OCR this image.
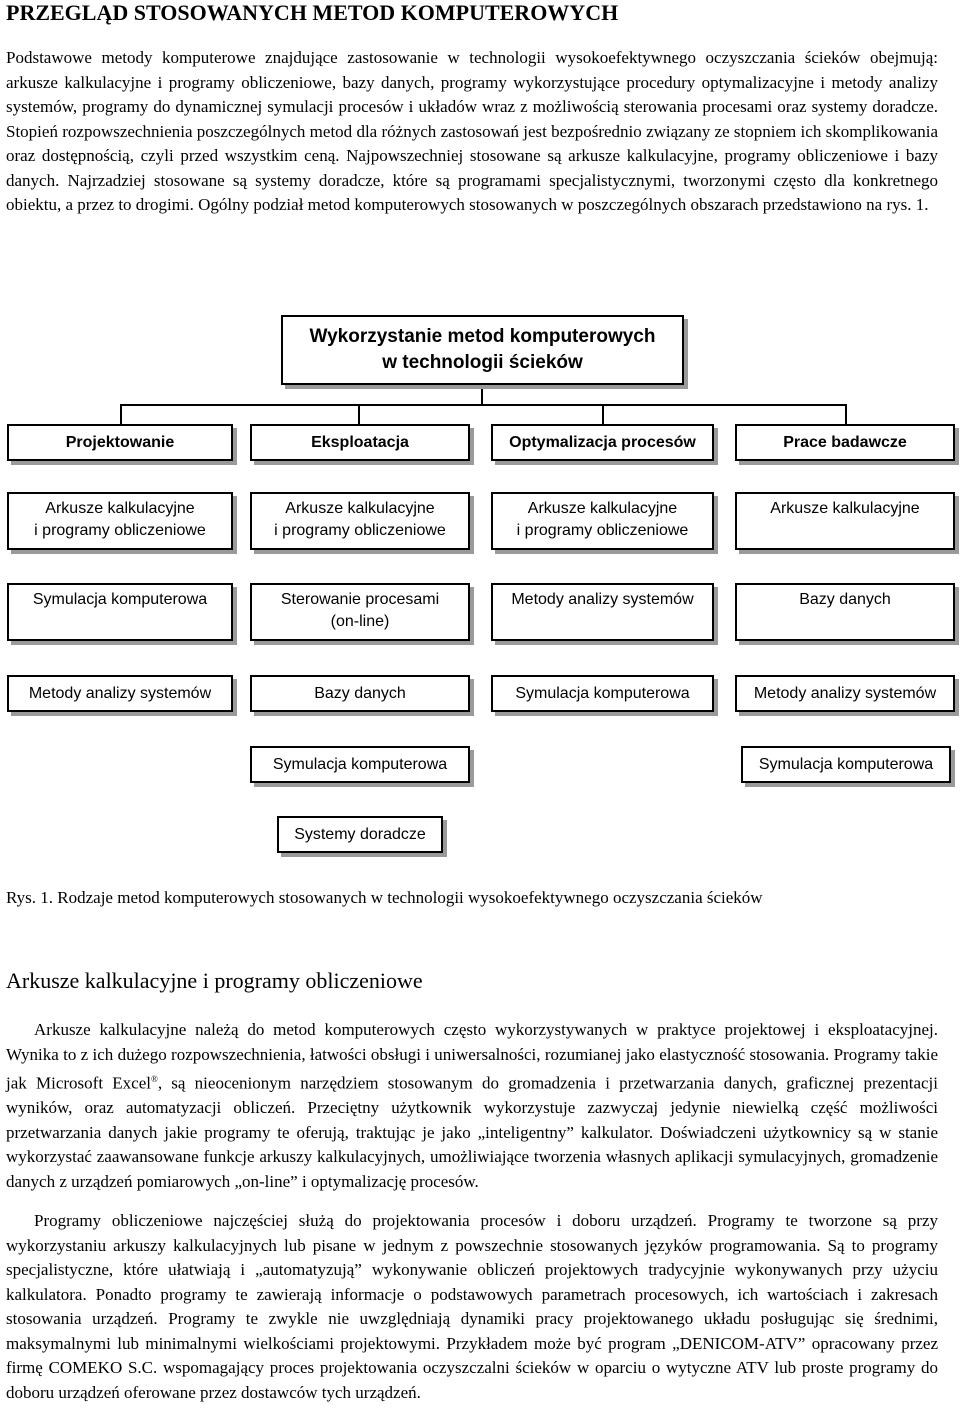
PRZEGLĄD STOSOWANYCH METOD KOMPUTEROWYCH

Podstawowe metody komputerowe znajdujące zastosowanie w technologii wysokoefektywnego oczyszczania ścieków obejmują: arkusze kalkulacyjne i programy obliczeniowe, bazy danych, programy wykorzystujące procedury optymalizacyjne i metody analizy systemów, programy do dynamicznej symulacji procesów i układów wraz z możliwością sterowania procesami oraz systemy doradcze. Stopień rozpowszechnienia poszczególnych metod dla różnych zastosowań jest bezpośrednio związany ze stopniem ich skomplikowania oraz dostępnością, czyli przed wszystkim ceną. Najpowszechniej stosowane są arkusze kalkulacyjne, programy obliczeniowe i bazy danych. Najrzadziej stosowane są systemy doradcze, które są programami specjalistycznymi, tworzonymi często dla konkretnego obiektu, a przez to drogimi. Ogólny podział metod komputerowych stosowanych w poszczególnych obszarach przedstawiono na rys. 1.

Wykorzystanie metod komputerowych
w technologii ścieków
Projektowanie	Eksploatacja	Optymalizacja procesów	Prace badawcze
Arkusze kalkulacyjne
i programy obliczeniowe
Symulacja komputerowa
Metody analizy systemów
Arkusze kalkulacyjne
i programy obliczeniowe
Sterowanie procesami
(on-line)
Bazy danych
Symulacja komputerowa
Systemy doradcze
Arkusze kalkulacyjne
i programy obliczeniowe
Metody analizy systemów
Symulacja komputerowa
Arkusze kalkulacyjne
Bazy danych
Metody analizy systemów
Symulacja komputerowa
Rys. 1. Rodzaje metod komputerowych stosowanych w technologii wysokoefektywnego oczyszczania ścieków
Arkusze kalkulacyjne i programy obliczeniowe

Arkusze kalkulacyjne należą do metod komputerowych często wykorzystywanych w praktyce projektowej i eksploatacyjnej. Wynika to z ich dużego rozpowszechnienia, łatwości obsługi i uniwersalności, rozumianej jako elastyczność stosowania. Programy takie jak Microsoft Excel®, są nieocenionym narzędziem stosowanym do gromadzenia i przetwarzania danych, graficznej prezentacji wyników, oraz automatyzacji obliczeń. Przeciętny użytkownik wykorzystuje zazwyczaj jedynie niewielką część możliwości przetwarzania danych jakie programy te oferują, traktując je jako „inteligentny” kalkulator. Doświadczeni użytkownicy są w stanie wykorzystać zaawansowane funkcje arkuszy kalkulacyjnych, umożliwiające tworzenia własnych aplikacji symulacyjnych, gromadzenie danych z urządzeń pomiarowych „on-line” i optymalizację procesów.

Programy obliczeniowe najczęściej służą do projektowania procesów i doboru urządzeń. Programy te tworzone są przy wykorzystaniu arkuszy kalkulacyjnych lub pisane w jednym z powszechnie stosowanych języków programowania. Są to programy specjalistyczne, które ułatwiają i „automatyzują” wykonywanie obliczeń projektowych tradycyjnie wykonywanych przy użyciu kalkulatora. Ponadto programy te zawierają informacje o podstawowych parametrach procesowych, ich wartościach i zakresach stosowania urządzeń. Programy te zwykle nie uwzględniają dynamiki pracy projektowanego układu posługując się średnimi, maksymalnymi lub minimalnymi wielkościami projektowymi. Przykładem może być program „DENICOM-ATV” opracowany przez firmę COMEKO S.C. wspomagający proces projektowania oczyszczalni ścieków w oparciu o wytyczne ATV lub proste programy do doboru urządzeń oferowane przez dostawców tych urządzeń.
